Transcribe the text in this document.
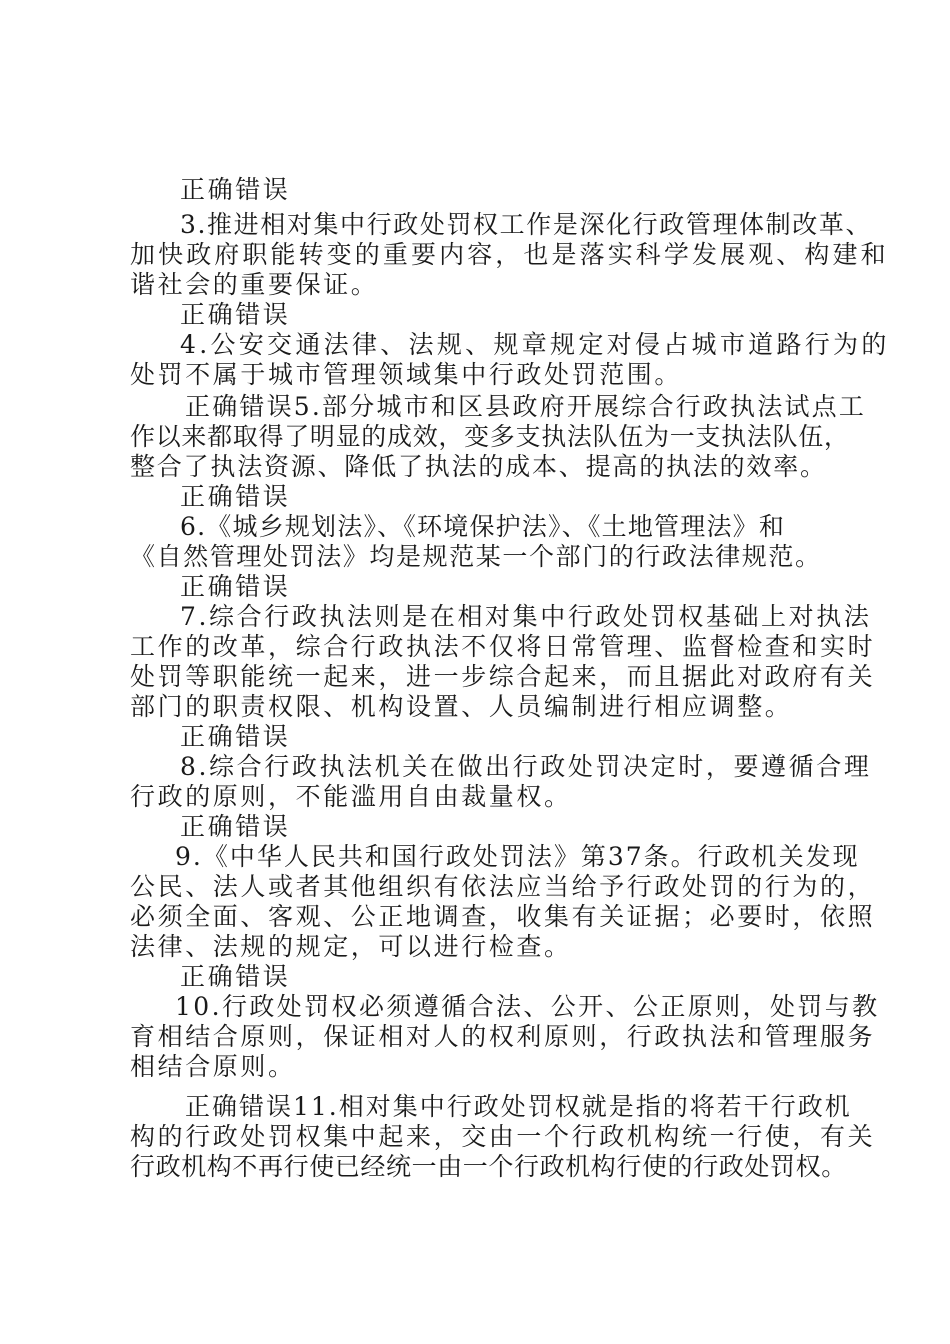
正确错误
3.推进相对集中行政处罚权工作是深化行政管理体制改革、
加快政府职能转变的重要内容，也是落实科学发展观、构建和
谐社会的重要保证。
正确错误
4.公安交通法律、法规、规章规定对侵占城市道路行为的
处罚不属于城市管理领域集中行政处罚范围。
正确错误5.部分城市和区县政府开展综合行政执法试点工
作以来都取得了明显的成效，变多支执法队伍为一支执法队伍，
整合了执法资源、降低了执法的成本、提高的执法的效率。
正确错误
6.《城乡规划法》、《环境保护法》、《土地管理法》和
《自然管理处罚法》均是规范某一个部门的行政法律规范。
正确错误
7.综合行政执法则是在相对集中行政处罚权基础上对执法
工作的改革，综合行政执法不仅将日常管理、监督检查和实时
处罚等职能统一起来，进一步综合起来，而且据此对政府有关
部门的职责权限、机构设置、人员编制进行相应调整。
正确错误
8.综合行政执法机关在做出行政处罚决定时，要遵循合理
行政的原则，不能滥用自由裁量权。
正确错误
9.《中华人民共和国行政处罚法》第37条。行政机关发现
公民、法人或者其他组织有依法应当给予行政处罚的行为的，
必须全面、客观、公正地调查，收集有关证据；必要时，依照
法律、法规的规定，可以进行检查。
正确错误
10.行政处罚权必须遵循合法、公开、公正原则，处罚与教
育相结合原则，保证相对人的权利原则，行政执法和管理服务
相结合原则。
正确错误11.相对集中行政处罚权就是指的将若干行政机
构的行政处罚权集中起来，交由一个行政机构统一行使，有关
行政机构不再行使已经统一由一个行政机构行使的行政处罚权。
